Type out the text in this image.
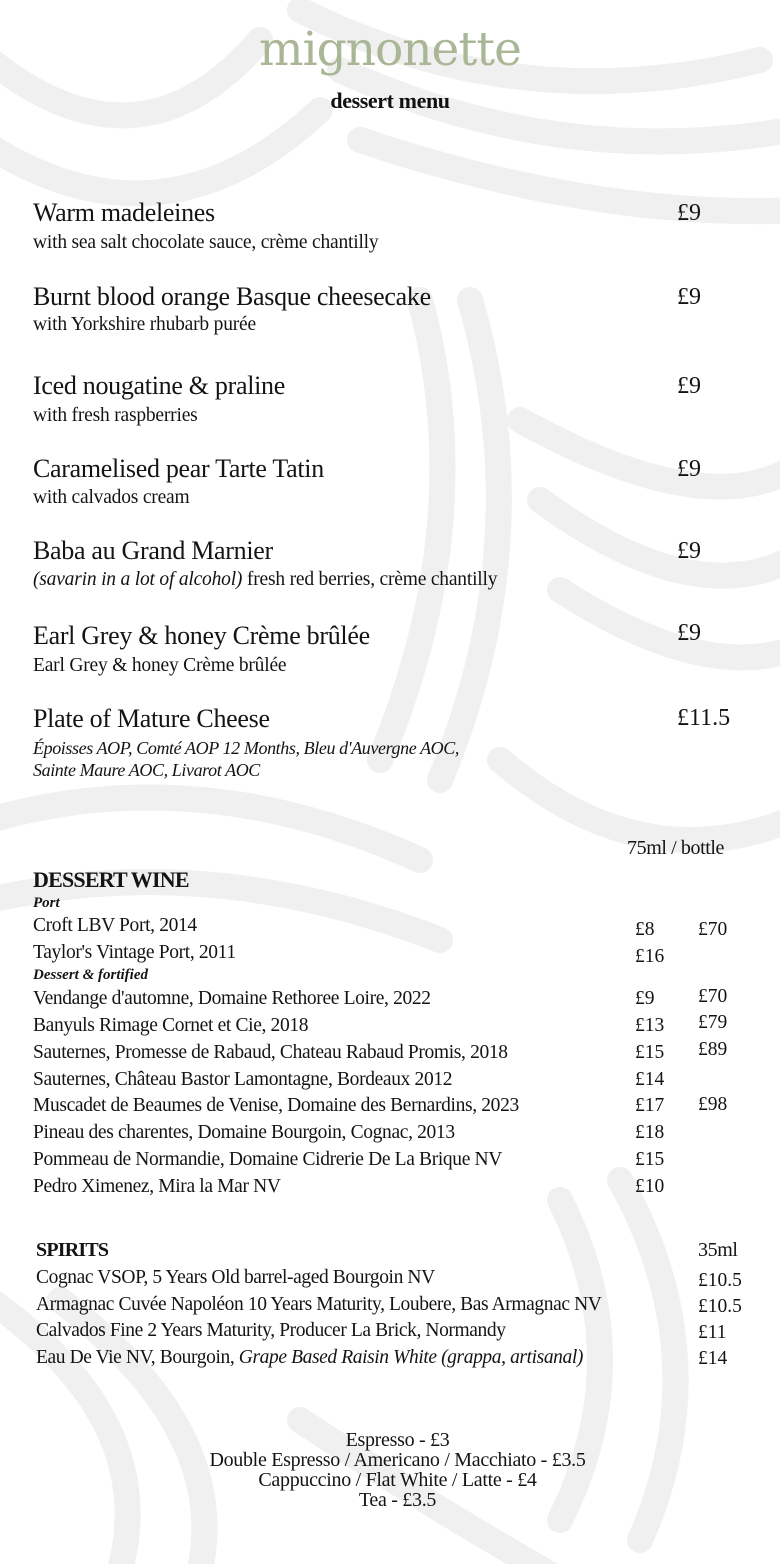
mignonette
dessert menu
Warm madeleines	£9
with sea salt chocolate sauce, crème chantilly
Burnt blood orange Basque cheesecake	£9
with Yorkshire rhubarb purée
Iced nougatine & praline	£9
with fresh raspberries
Caramelised pear Tarte Tatin	£9
with calvados cream
Baba au Grand Marnier	£9
(savarin in a lot of alcohol) fresh red berries, crème chantilly
Earl Grey & honey Crème brûlée	£9
Earl Grey & honey Crème brûlée
Plate of Mature Cheese	£11.5
Époisses AOP, Comté AOP 12 Months, Bleu d'Auvergne AOC,
Sainte Maure AOC, Livarot AOC
75ml / bottle
DESSERT WINE
Port
Croft LBV Port, 2014	£8 £70
Taylor's Vintage Port, 2011	£16
Dessert & fortified
Vendange d'automne, Domaine Rethoree Loire, 2022	£9 £70
Banyuls Rimage Cornet et Cie, 2018	£13 £79
Sauternes, Promesse de Rabaud, Chateau Rabaud Promis, 2018	£15 £89
Sauternes, Château Bastor Lamontagne, Bordeaux 2012	£14
Muscadet de Beaumes de Venise, Domaine des Bernardins, 2023	£17 £98
Pineau des charentes, Domaine Bourgoin, Cognac, 2013	£18
Pommeau de Normandie, Domaine Cidrerie De La Brique NV	£15
Pedro Ximenez, Mira la Mar NV	£10
SPIRITS	35ml
Cognac VSOP, 5 Years Old barrel-aged Bourgoin NV	£10.5
Armagnac Cuvée Napoléon 10 Years Maturity, Loubere, Bas Armagnac NV	£10.5
Calvados Fine 2 Years Maturity, Producer La Brick, Normandy	£11
Eau De Vie NV, Bourgoin, Grape Based Raisin White (grappa, artisanal)	£14
Espresso - £3
Double Espresso / Americano / Macchiato - £3.5
Cappuccino / Flat White / Latte - £4
Tea - £3.5
